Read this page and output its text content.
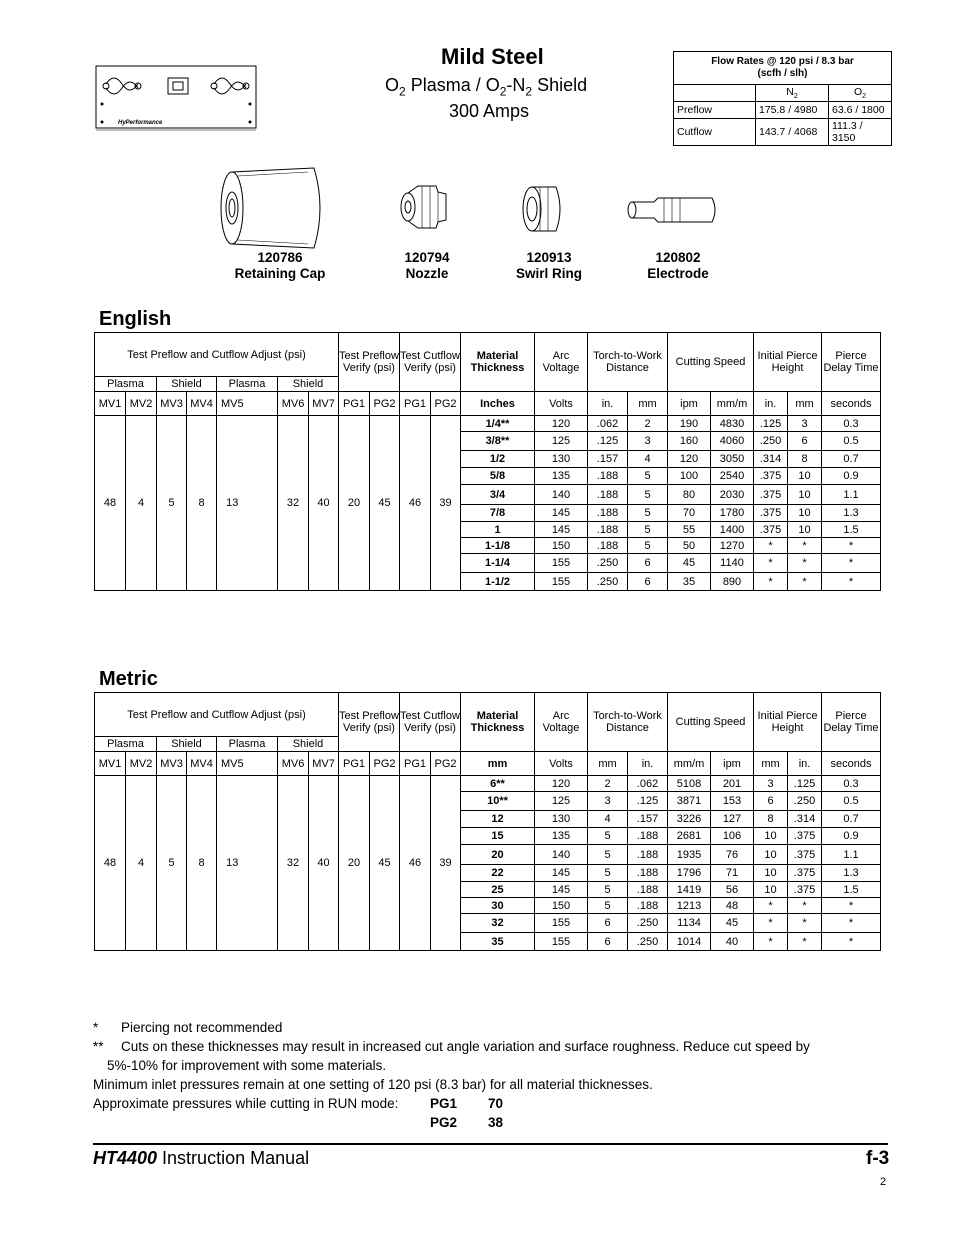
HyPerformance
Mild Steel
$O_2$ Plasma / $O_2-N_2$ Shield
300 Amps
Flow Rates @ 120 psi / 8.3 bar
(scfh / slh)		
	$N_2$	$O_2$
Preflow	175.8 / 4980	63.6 / 1800
Cutflow	143.7 / 4068	111.3 / 3150
120786
Retaining Cap
120794
Nozzle
120913
Swirl Ring
120802
Electrode
English
Test Preflow and Cutflow Adjust (psi)								Test Preflow Verify (psi)		Test Cutflow Verify (psi)		Material Thickness	Arc Voltage	Torch-to-Work Distance		Cutting Speed		Initial Pierce Height		Pierce Delay Time
Plasma		Shield		Plasma		Shield														
MV1	MV2	MV3	MV4	MV5		MV6	MV7	PG1	PG2	PG1	PG2	Inches	Volts	in.	mm	ipm	mm/m	in.	mm	seconds
48	4	5	8	13		32	40	20	45	46	39	1/4**	120	.062	2	190	4830	.125	3	0.3
												3/8**	125	.125	3	160	4060	.250	6	0.5
												1/2	130	.157	4	120	3050	.314	8	0.7
												5/8	135	.188	5	100	2540	.375	10	0.9
												3/4	140	.188	5	80	2030	.375	10	1.1
												7/8	145	.188	5	70	1780	.375	10	1.3
												1	145	.188	5	55	1400	.375	10	1.5
												1-1/8	150	.188	5	50	1270	*	*	*
												1-1/4	155	.250	6	45	1140	*	*	*
												1-1/2	155	.250	6	35	890	*	*	*
Metric
Test Preflow and Cutflow Adjust (psi)								Test Preflow Verify (psi)		Test Cutflow Verify (psi)		Material Thickness	Arc Voltage	Torch-to-Work Distance		Cutting Speed		Initial Pierce Height		Pierce Delay Time
Plasma		Shield		Plasma		Shield														
MV1	MV2	MV3	MV4	MV5		MV6	MV7	PG1	PG2	PG1	PG2	mm	Volts	mm	in.	mm/m	ipm	mm	in.	seconds
48	4	5	8	13		32	40	20	45	46	39	6**	120	2	.062	5108	201	3	.125	0.3
												10**	125	3	.125	3871	153	6	.250	0.5
												12	130	4	.157	3226	127	8	.314	0.7
												15	135	5	.188	2681	106	10	.375	0.9
												20	140	5	.188	1935	76	10	.375	1.1
												22	145	5	.188	1796	71	10	.375	1.3
												25	145	5	.188	1419	56	10	.375	1.5
												30	150	5	.188	1213	48	*	*	*
												32	155	6	.250	1134	45	*	*	*
												35	155	6	.250	1014	40	*	*	*
* Piercing not recommended
** Cuts on these thicknesses may result in increased cut angle variation and surface roughness. Reduce cut speed by
5%-10% for improvement with some materials.
Minimum inlet pressures remain at one setting of 120 psi (8.3 bar) for all material thicknesses.
Approximate pressures while cutting in RUN mode: PG1 70
PG2 38
HT4400 Instruction Manual	f-3
2
